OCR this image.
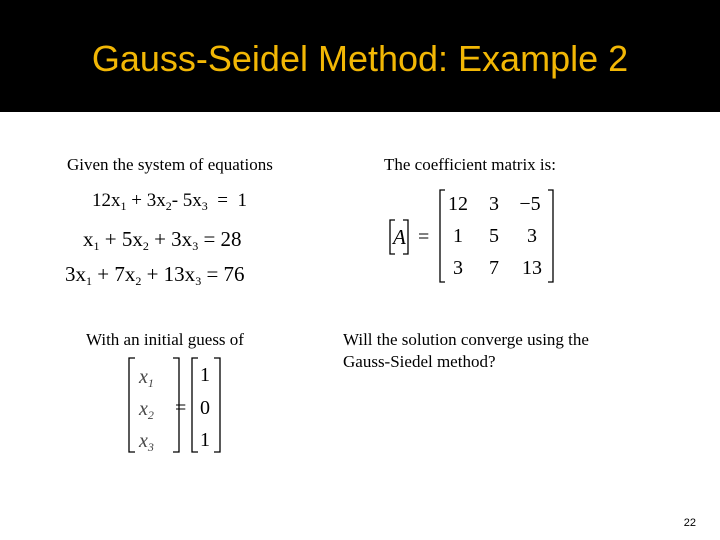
Gauss-Seidel Method: Example 2
Given the system of equations
$12x_1 + 3x_2-$ $5x_3 = 1$
$x_1 + 5x_2 + 3x_3 = 28$
$3x_1 + 7x_2 + 13x_3 = 76$
With an initial guess of
$x_1$
$x_2$
$x_3$
=
1
0
1
The coefficient matrix is:
A =
12	3	−5
1	5	3
3	7	13
Will the solution converge using the
Gauss-Siedel method?
22
